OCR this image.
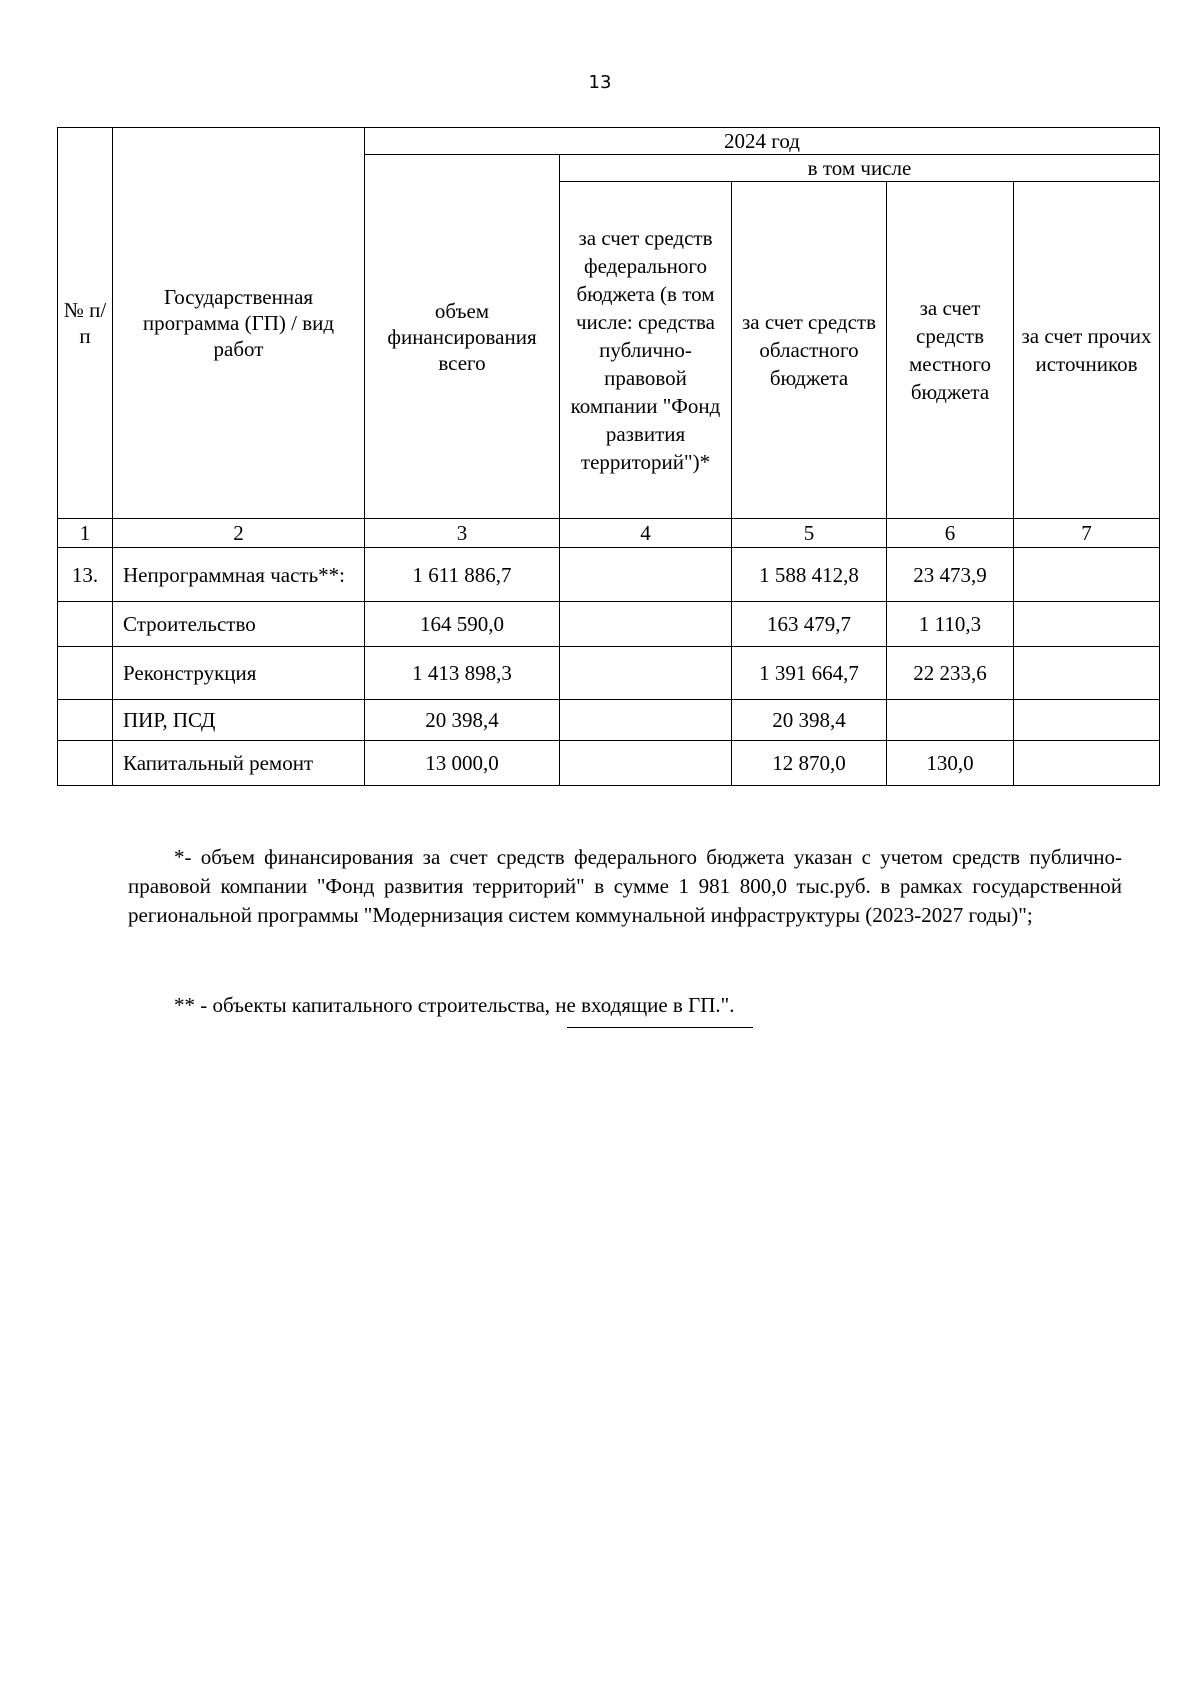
13
№ п/п	Государственная программа (ГП) / вид работ	2024 год				
		объем финансирования всего	в том числе			
			за счет средств федерального бюджета (в том числе: средства публично-правовой компании "Фонд развития территорий")*	за счет средств областного бюджета	за счет средств местного бюджета	за счет прочих источников
1	2	3	4	5	6	7
13.	Непрограммная часть**:	1 611 886,7		1 588 412,8	23 473,9	
	Строительство	164 590,0		163 479,7	1 110,3	
	Реконструкция	1 413 898,3		1 391 664,7	22 233,6	
	ПИР, ПСД	20 398,4		20 398,4		
	Капитальный ремонт	13 000,0		12 870,0	130,0	

*- объем финансирования за счет средств федерального бюджета указан с учетом средств публично-правовой компании "Фонд развития территорий" в сумме 1 981 800,0 тыс.руб. в рамках государственной региональной программы "Модернизация систем коммунальной инфраструктуры (2023-2027 годы)";

** - объекты капитального строительства, не входящие в ГП.".
